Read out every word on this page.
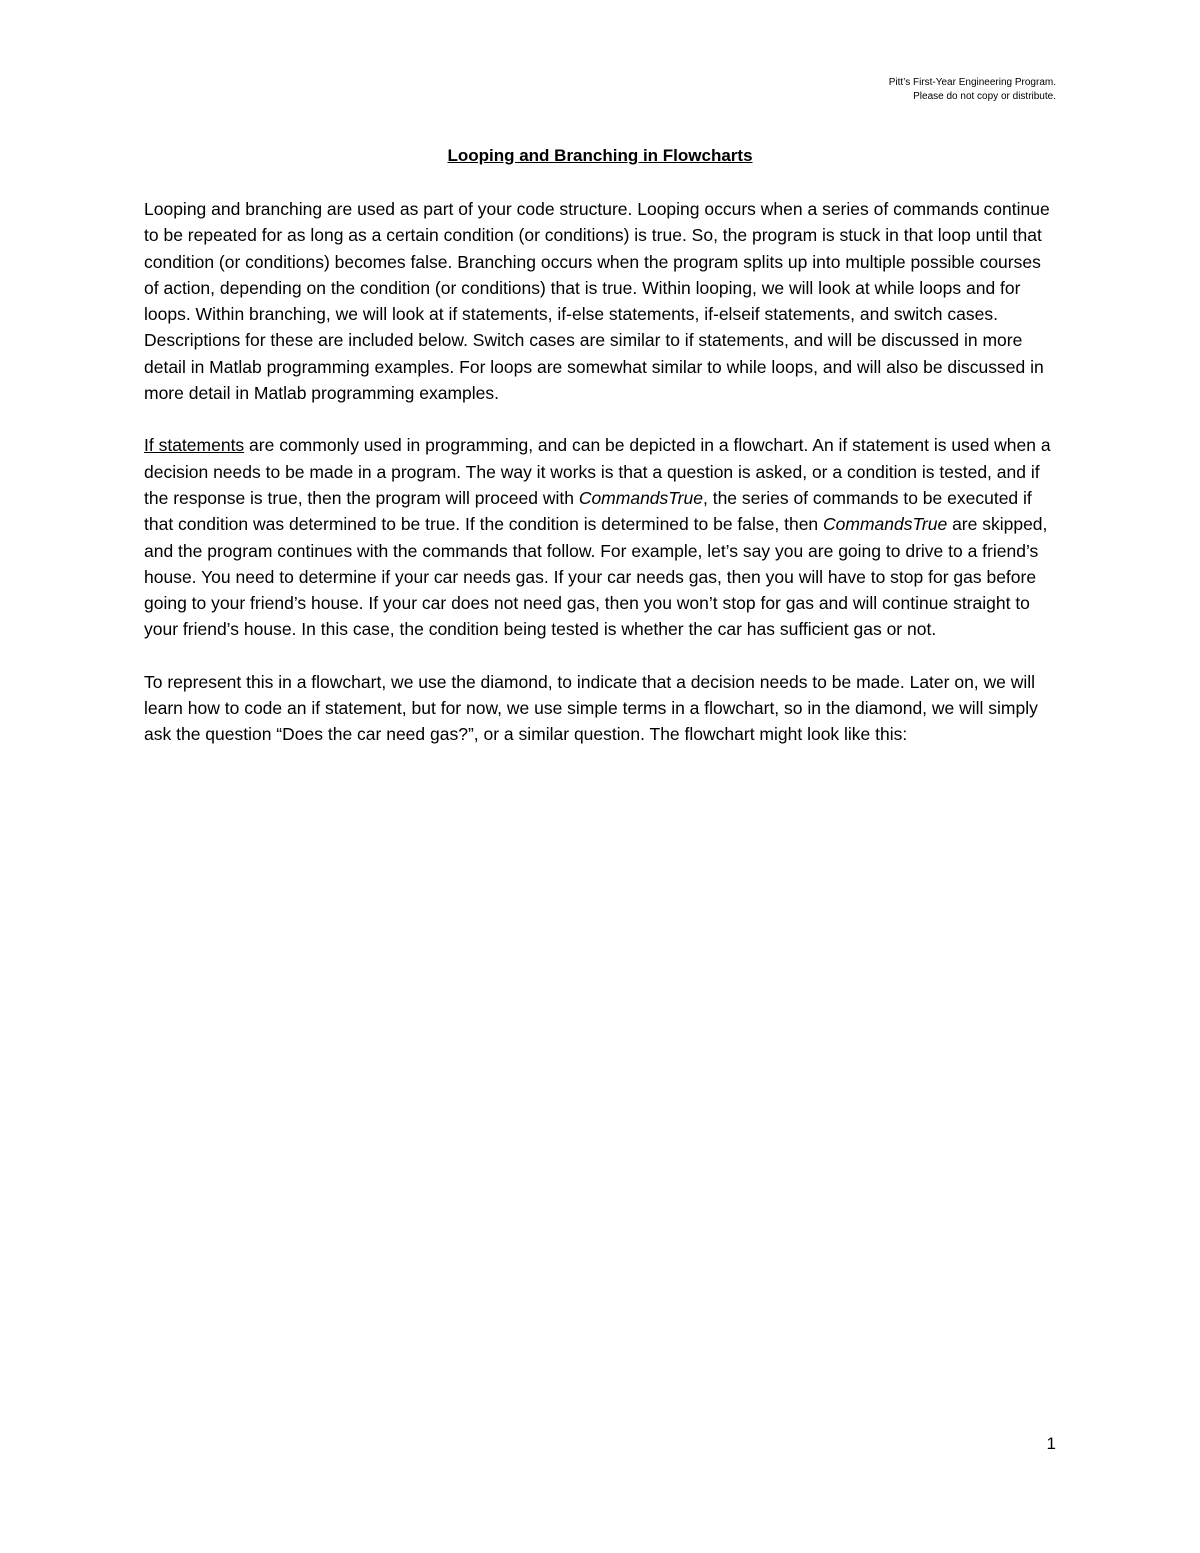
Pitt’s First-Year Engineering Program.
Please do not copy or distribute.
Looping and Branching in Flowcharts

Looping and branching are used as part of your code structure. Looping occurs when a series of commands continue to be repeated for as long as a certain condition (or conditions) is true. So, the program is stuck in that loop until that condition (or conditions) becomes false. Branching occurs when the program splits up into multiple possible courses of action, depending on the condition (or conditions) that is true. Within looping, we will look at while loops and for loops. Within branching, we will look at if statements, if-else statements, if-elseif statements, and switch cases. Descriptions for these are included below. Switch cases are similar to if statements, and will be discussed in more detail in Matlab programming examples. For loops are somewhat similar to while loops, and will also be discussed in more detail in Matlab programming examples.

If statements are commonly used in programming, and can be depicted in a flowchart. An if statement is used when a decision needs to be made in a program. The way it works is that a question is asked, or a condition is tested, and if the response is true, then the program will proceed with CommandsTrue, the series of commands to be executed if that condition was determined to be true. If the condition is determined to be false, then CommandsTrue are skipped, and the program continues with the commands that follow. For example, let’s say you are going to drive to a friend’s house. You need to determine if your car needs gas. If your car needs gas, then you will have to stop for gas before going to your friend’s house. If your car does not need gas, then you won’t stop for gas and will continue straight to your friend’s house. In this case, the condition being tested is whether the car has sufficient gas or not.

To represent this in a flowchart, we use the diamond, to indicate that a decision needs to be made. Later on, we will learn how to code an if statement, but for now, we use simple terms in a flowchart, so in the diamond, we will simply ask the question “Does the car need gas?”, or a similar question. The flowchart might look like this:

1
